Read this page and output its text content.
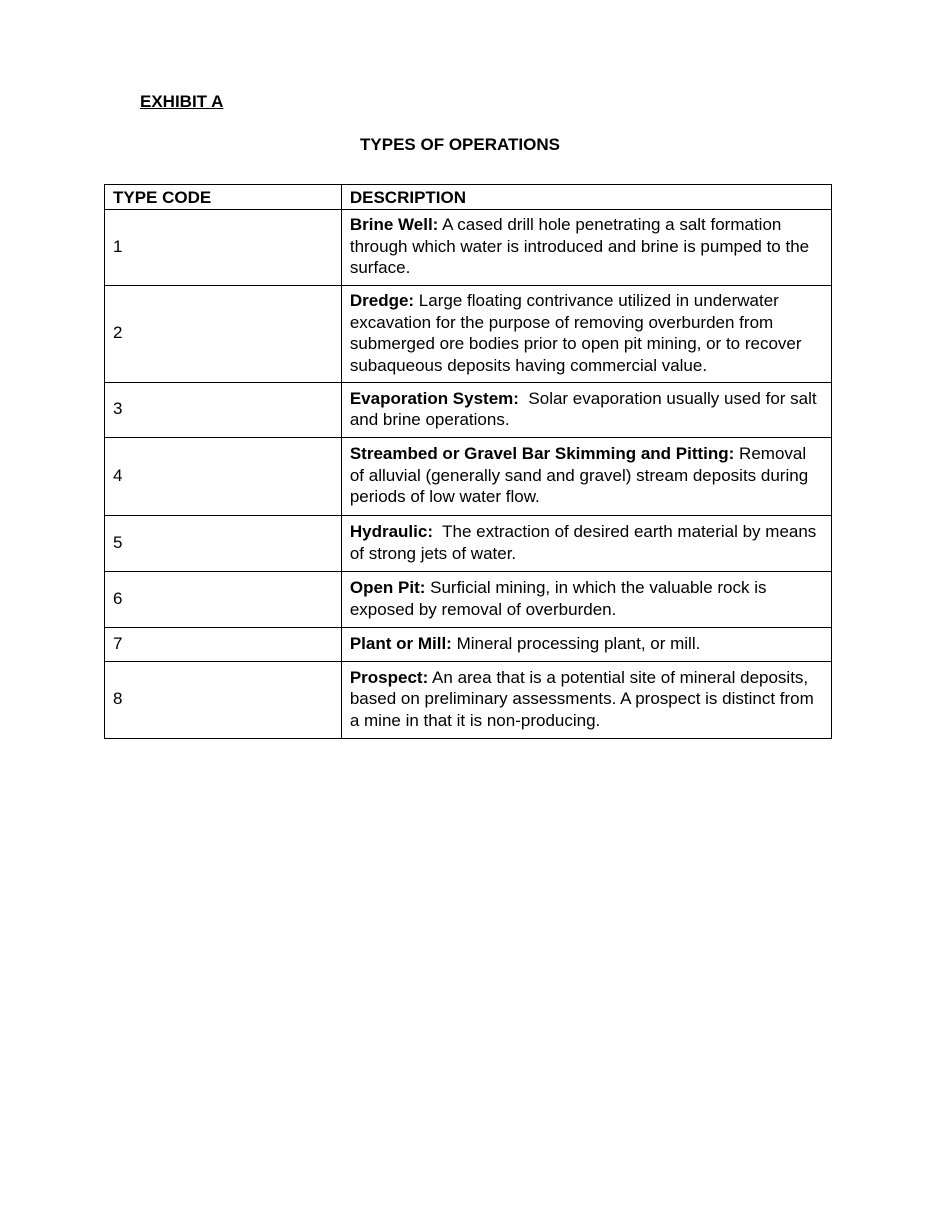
EXHIBIT A

TYPES OF OPERATIONS

TYPE CODE	DESCRIPTION
1	Brine Well: A cased drill hole penetrating a salt formation through which water is introduced and brine is pumped to the surface.
2	Dredge: Large floating contrivance utilized in underwater excavation for the purpose of removing overburden from submerged ore bodies prior to open pit mining, or to recover subaqueous deposits having commercial value.
3	Evaporation System:  Solar evaporation usually used for salt and brine operations.
4	Streambed or Gravel Bar Skimming and Pitting: Removal of alluvial (generally sand and gravel) stream deposits during periods of low water flow.
5	Hydraulic:  The extraction of desired earth material by means of strong jets of water.
6	Open Pit: Surficial mining, in which the valuable rock is exposed by removal of overburden.
7	Plant or Mill: Mineral processing plant, or mill.
8	Prospect: An area that is a potential site of mineral deposits, based on preliminary assessments. A prospect is distinct from a mine in that it is non-producing.
